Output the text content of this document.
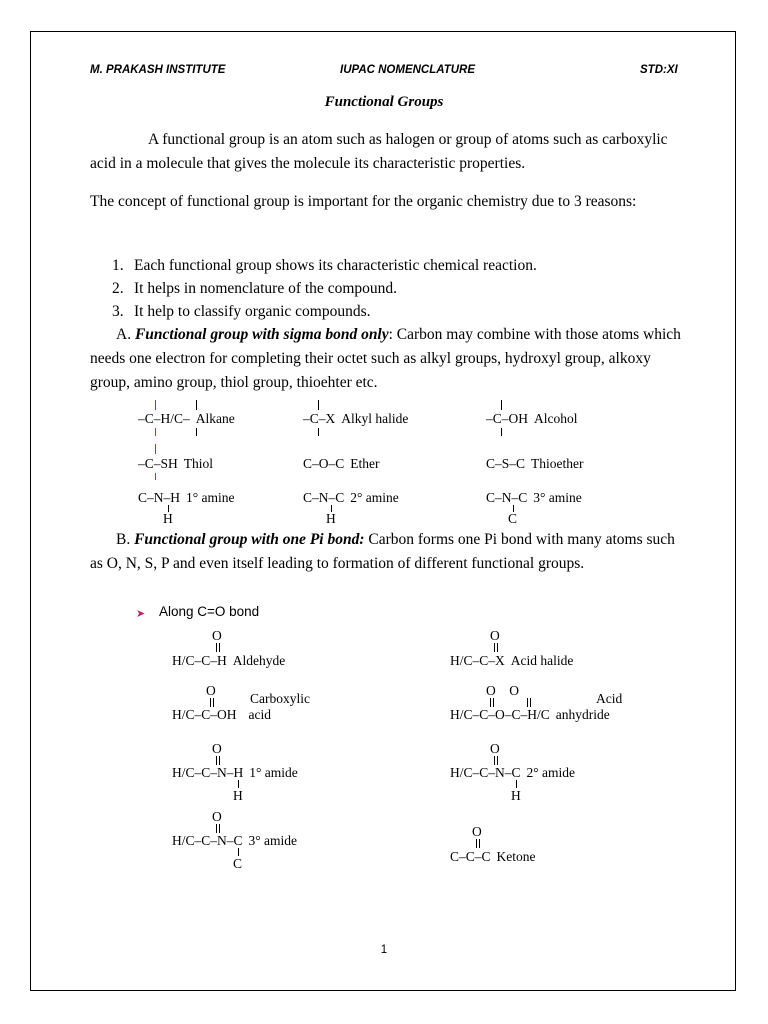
M. PRAKASH INSTITUTE	IUPAC NOMENCLATURE	STD:XI
Functional Groups
A functional group is an atom such as halogen or group of atoms such as carboxylic acid in a molecule that gives the molecule its characteristic properties.
The concept of functional group is important for the organic chemistry due to 3 reasons:
1. Each functional group shows its characteristic chemical reaction.
2. It helps in nomenclature of the compound.
3. It help to classify organic compounds.
A. Functional group with sigma bond only: Carbon may combine with those atoms which needs one electron for completing their octet such as alkyl groups, hydroxyl group, alkoxy group, amino group, thiol group, thioehter etc.
–C–H/C– Alkane	–C–X Alkyl halide	–C–OH Alcohol
–C–SH Thiol	C–O–C Ether	C–S–C Thioether
C–N–H 1° amine
H
C–N–C 2° amine
H
C–N–C 3° amine
C
B. Functional group with one Pi bond: Carbon forms one Pi bond with many atoms such as O, N, S, P and even itself leading to formation of different functional groups.
➤ Along C=O bond
O
H/C–C–H Aldehyde
O
H/C–C–X Acid halide
O
Carboxylic
H/C–C–OH acid
O    O
Acid
H/C–C–O–C–H/C anhydride
O
H/C–C–N–H 1° amide
H
O
H/C–C–N–C 2° amide
H
O
H/C–C–N–C 3° amide
C
O
C–C–C Ketone
1
